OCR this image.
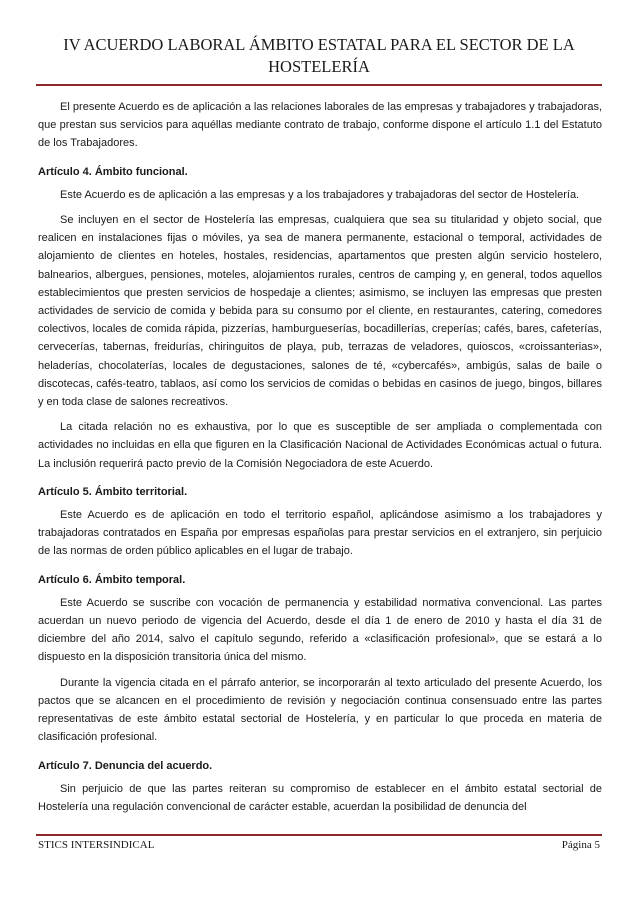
IV ACUERDO LABORAL ÁMBITO ESTATAL PARA EL SECTOR DE LA
HOSTELERÍA

El presente Acuerdo es de aplicación a las relaciones laborales de las empresas y trabajadores y trabajadoras, que prestan sus servicios para aquéllas mediante contrato de trabajo, conforme dispone el artículo 1.1 del Estatuto de los Trabajadores.

Artículo 4. Ámbito funcional.

Este Acuerdo es de aplicación a las empresas y a los trabajadores y trabajadoras del sector de Hostelería.

Se incluyen en el sector de Hostelería las empresas, cualquiera que sea su titularidad y objeto social, que realicen en instalaciones fijas o móviles, ya sea de manera permanente, estacional o temporal, actividades de alojamiento de clientes en hoteles, hostales, residencias, apartamentos que presten algún servicio hostelero, balnearios, albergues, pensiones, moteles, alojamientos rurales, centros de camping y, en general, todos aquellos establecimientos que presten servicios de hospedaje a clientes; asimismo, se incluyen las empresas que presten actividades de servicio de comida y bebida para su consumo por el cliente, en restaurantes, catering, comedores colectivos, locales de comida rápida, pizzerías, hamburgueserías, bocadillerías, creperías; cafés, bares, cafeterías, cervecerías, tabernas, freidurías, chiringuitos de playa, pub, terrazas de veladores, quioscos, «croissanterias», heladerías, chocolaterías, locales de degustaciones, salones de té, «cybercafés», ambigús, salas de baile o discotecas, cafés-teatro, tablaos, así como los servicios de comidas o bebidas en casinos de juego, bingos, billares y en toda clase de salones recreativos.

La citada relación no es exhaustiva, por lo que es susceptible de ser ampliada o complementada con actividades no incluidas en ella que figuren en la Clasificación Nacional de Actividades Económicas actual o futura. La inclusión requerirá pacto previo de la Comisión Negociadora de este Acuerdo.

Artículo 5. Ámbito territorial.

Este Acuerdo es de aplicación en todo el territorio español, aplicándose asimismo a los trabajadores y trabajadoras contratados en España por empresas españolas para prestar servicios en el extranjero, sin perjuicio de las normas de orden público aplicables en el lugar de trabajo.

Artículo 6. Ámbito temporal.

Este Acuerdo se suscribe con vocación de permanencia y estabilidad normativa convencional. Las partes acuerdan un nuevo periodo de vigencia del Acuerdo, desde el día 1 de enero de 2010 y hasta el día 31 de diciembre del año 2014, salvo el capítulo segundo, referido a «clasificación profesional», que se estará a lo dispuesto en la disposición transitoria única del mismo.

Durante la vigencia citada en el párrafo anterior, se incorporarán al texto articulado del presente Acuerdo, los pactos que se alcancen en el procedimiento de revisión y negociación continua consensuado entre las partes representativas de este ámbito estatal sectorial de Hostelería, y en particular lo que proceda en materia de clasificación profesional.

Artículo 7. Denuncia del acuerdo.

Sin perjuicio de que las partes reiteran su compromiso de establecer en el ámbito estatal sectorial de Hostelería una regulación convencional de carácter estable, acuerdan la posibilidad de denuncia del

STICS INTERSINDICAL	Página 5
